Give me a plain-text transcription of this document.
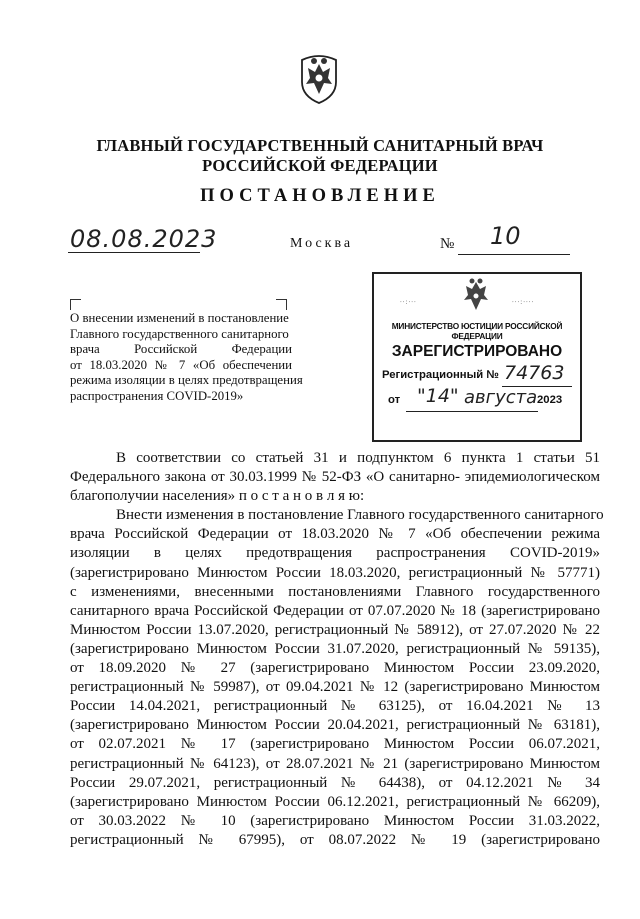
ГЛАВНЫЙ ГОСУДАРСТВЕННЫЙ САНИТАРНЫЙ ВРАЧ
РОССИЙСКОЙ ФЕДЕРАЦИИ
ПОСТАНОВЛЕНИЕ
08.08.2023	Москва	№ 10
О внесении изменений в постановление
Главного государственного санитарного
врача Российской Федерации
от 18.03.2020 № 7 «Об обеспечении
режима изоляции в целях предотвращения
распространения COVID-2019»
∙∙:∙∙∙	∙∙∙:∙∙∙∙
МИНИСТЕРСТВО ЮСТИЦИИ РОССИЙСКОЙ ФЕДЕРАЦИИ
ЗАРЕГИСТРИРОВАНО
Регистрационный № 74763
от "14" августа 2023
В соответствии со статьей 31 и подпунктом 6 пункта 1 статьи 51
Федерального закона от 30.03.1999 № 52-ФЗ «О санитарно- эпидемиологическом
благополучии населения» п о с т а н о в л я ю:
Внести изменения в постановление Главного государственного санитарного
врача Российской Федерации от 18.03.2020 № 7 «Об обеспечении режима
изоляции в целях предотвращения распространения COVID-2019»
(зарегистрировано Минюстом России 18.03.2020, регистрационный № 57771)
с изменениями, внесенными постановлениями Главного государственного
санитарного врача Российской Федерации от 07.07.2020 № 18 (зарегистрировано
Минюстом России 13.07.2020, регистрационный № 58912), от 27.07.2020 № 22
(зарегистрировано Минюстом России 31.07.2020, регистрационный № 59135),
от 18.09.2020 № 27 (зарегистрировано Минюстом России 23.09.2020,
регистрационный № 59987), от 09.04.2021 № 12 (зарегистрировано Минюстом
России 14.04.2021, регистрационный № 63125), от 16.04.2021 № 13
(зарегистрировано Минюстом России 20.04.2021, регистрационный № 63181),
от 02.07.2021 № 17 (зарегистрировано Минюстом России 06.07.2021,
регистрационный № 64123), от 28.07.2021 № 21 (зарегистрировано Минюстом
России 29.07.2021, регистрационный № 64438), от 04.12.2021 № 34
(зарегистрировано Минюстом России 06.12.2021, регистрационный № 66209),
от 30.03.2022 № 10 (зарегистрировано Минюстом России 31.03.2022,
регистрационный № 67995), от 08.07.2022 № 19 (зарегистрировано
